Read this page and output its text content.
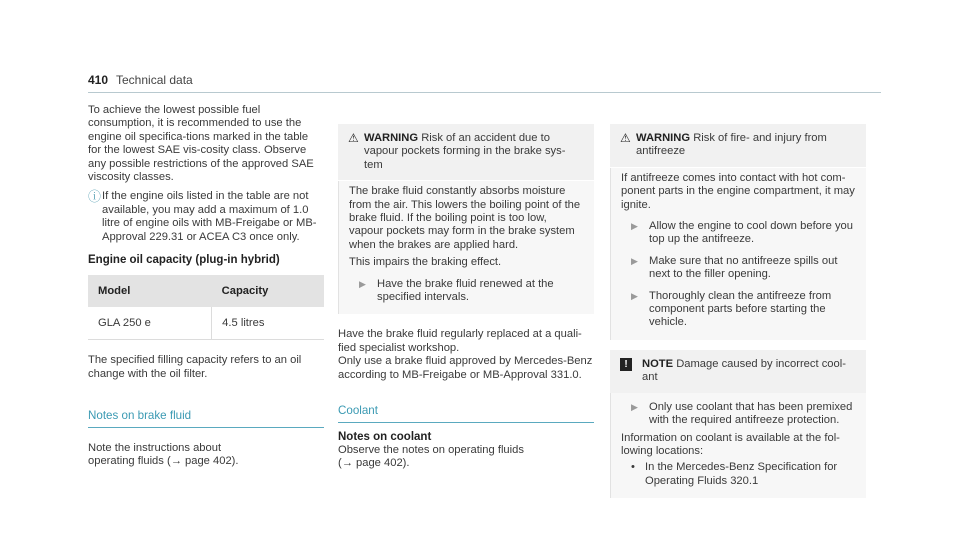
410 Technical data

To achieve the lowest possible fuel consumption, it is recommended to use the engine oil specifica-tions marked in the table for the lowest SAE vis-cosity class. Observe any possible restrictions of the approved SAE viscosity classes.

ⓘ If the engine oils listed in the table are not available, you may add a maximum of 1.0 litre of engine oils with MB-Freigabe or MB-Approval 229.31 or ACEA C3 once only.

Engine oil capacity (plug-in hybrid)

Model	Capacity
GLA 250 e	4.5 litres

The specified filling capacity refers to an oil change with the oil filter.

Notes on brake fluid

Note the instructions about operating fluids (→ page 402).

⚠ WARNING Risk of an accident due to vapour pockets forming in the brake sys-tem

The brake fluid constantly absorbs moisture from the air. This lowers the boiling point of the brake fluid. If the boiling point is too low, vapour pockets may form in the brake system when the brakes are applied hard.

This impairs the braking effect.

▶ Have the brake fluid renewed at the specified intervals.

Have the brake fluid regularly replaced at a quali-fied specialist workshop.

Only use a brake fluid approved by Mercedes-Benz according to MB-Freigabe or MB-Approval 331.0.

Coolant

Notes on coolant

Observe the notes on operating fluids (→ page 402).

⚠ WARNING Risk of fire- and injury from antifreeze

If antifreeze comes into contact with hot com-ponent parts in the engine compartment, it may ignite.

▶ Allow the engine to cool down before you top up the antifreeze.

▶ Make sure that no antifreeze spills out next to the filler opening.

▶ Thoroughly clean the antifreeze from component parts before starting the vehicle.

!	NOTE Damage caused by incorrect cool-ant

▶ Only use coolant that has been premixed with the required antifreeze protection.

Information on coolant is available at the fol-lowing locations:

• In the Mercedes-Benz Specification for Operating Fluids 320.1
